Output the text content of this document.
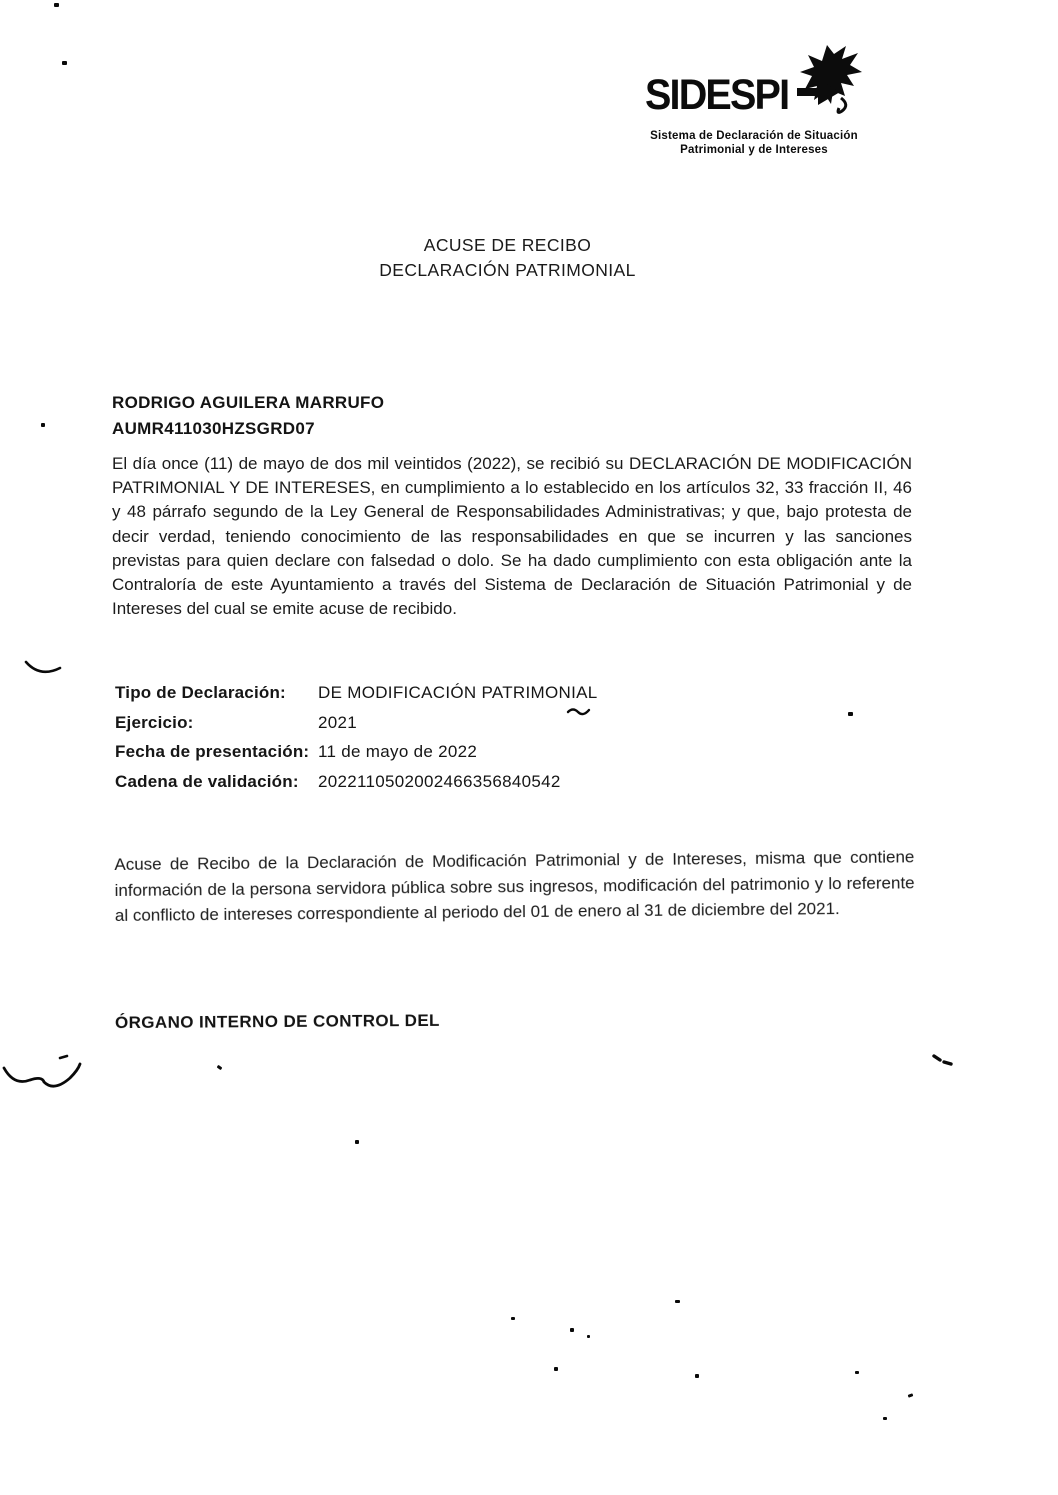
SIDESPI
Sistema de Declaración de Situación
Patrimonial y de Intereses
ACUSE DE RECIBO
DECLARACIÓN PATRIMONIAL
RODRIGO AGUILERA MARRUFO
AUMR411030HZSGRD07
El día once (11) de mayo de dos mil veintidos (2022), se recibió su DECLARACIÓN DE MODIFICACIÓN PATRIMONIAL Y DE INTERESES, en cumplimiento a lo establecido en los artículos 32, 33 fracción II, 46 y 48 párrafo segundo de la Ley General de Responsabilidades Administrativas; y que, bajo protesta de decir verdad, teniendo conocimiento de las responsabilidades en que se incurren y las sanciones previstas para quien declare con falsedad o dolo. Se ha dado cumplimiento con esta obligación ante la Contraloría de este Ayuntamiento a través del Sistema de Declaración de Situación Patrimonial y de Intereses del cual se emite acuse de recibido.
Tipo de Declaración:	DE MODIFICACIÓN PATRIMONIAL
Ejercicio:	2021
Fecha de presentación: 11 de mayo de 2022
Cadena de validación:	2022110502002466356840542
Acuse de Recibo de la Declaración de Modificación Patrimonial y de Intereses, misma que contiene información de la persona servidora pública sobre sus ingresos, modificación del patrimonio y lo referente al conflicto de intereses correspondiente al periodo del 01 de enero al 31 de diciembre del 2021.
ÓRGANO INTERNO DE CONTROL DEL
